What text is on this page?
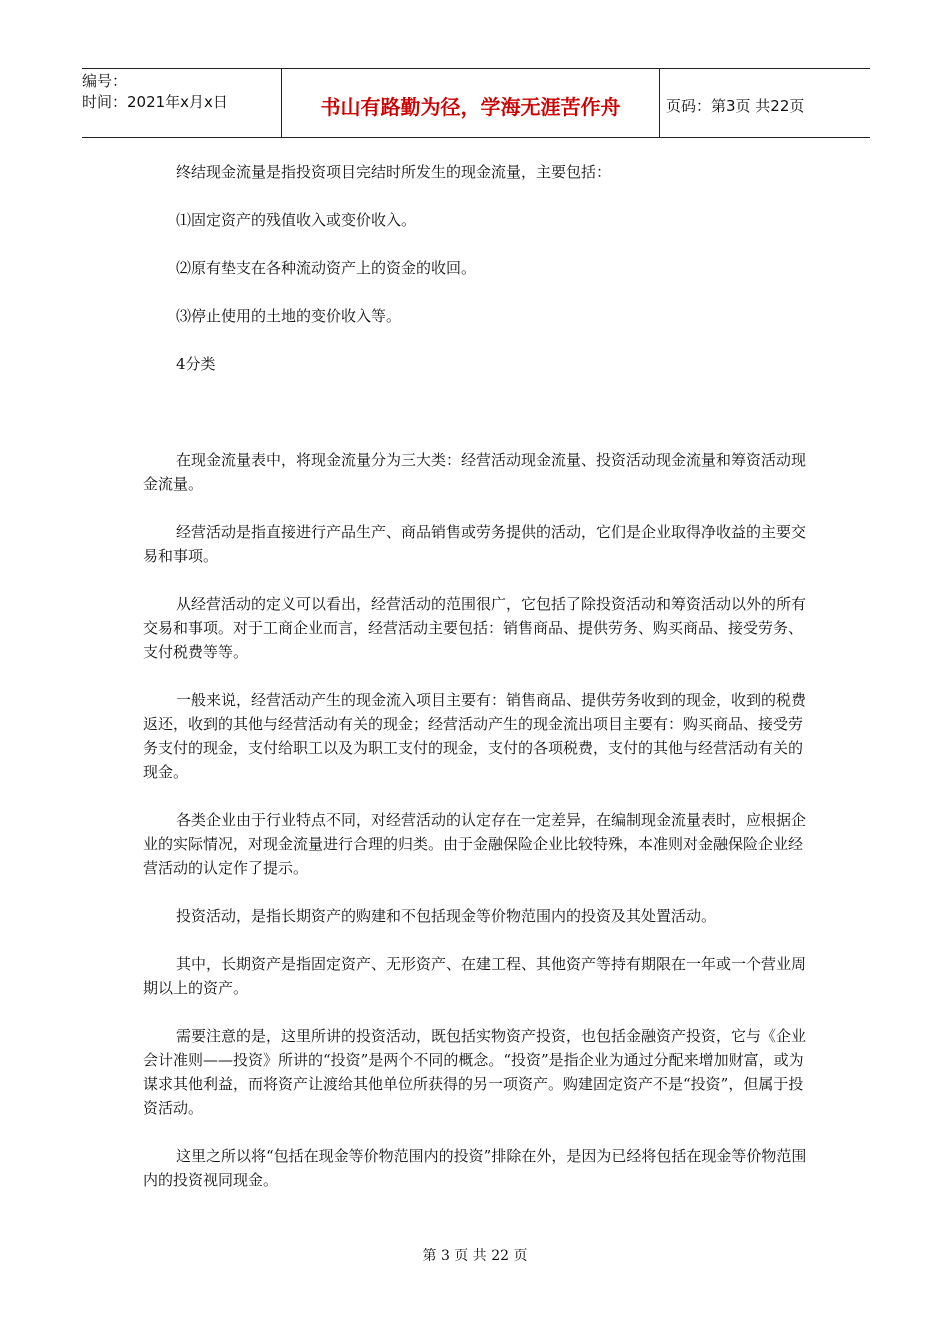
编号：
时间：2021年x月x日	书山有路勤为径，学海无涯苦作舟	页码：第3页 共22页

终结现金流量是指投资项目完结时所发生的现金流量，主要包括：

⑴固定资产的残值收入或变价收入。

⑵原有垫支在各种流动资产上的资金的收回。

⑶停止使用的土地的变价收入等。

4分类

在现金流量表中，将现金流量分为三大类：经营活动现金流量、投资活动现金流量和筹资活动现金流量。

经营活动是指直接进行产品生产、商品销售或劳务提供的活动，它们是企业取得净收益的主要交易和事项。

从经营活动的定义可以看出，经营活动的范围很广，它包括了除投资活动和筹资活动以外的所有交易和事项。对于工商企业而言，经营活动主要包括：销售商品、提供劳务、购买商品、接受劳务、支付税费等等。

一般来说，经营活动产生的现金流入项目主要有：销售商品、提供劳务收到的现金，收到的税费返还，收到的其他与经营活动有关的现金；经营活动产生的现金流出项目主要有：购买商品、接受劳务支付的现金，支付给职工以及为职工支付的现金，支付的各项税费，支付的其他与经营活动有关的现金。

各类企业由于行业特点不同，对经营活动的认定存在一定差异，在编制现金流量表时，应根据企业的实际情况，对现金流量进行合理的归类。由于金融保险企业比较特殊，本准则对金融保险企业经营活动的认定作了提示。

投资活动，是指长期资产的购建和不包括现金等价物范围内的投资及其处置活动。

其中，长期资产是指固定资产、无形资产、在建工程、其他资产等持有期限在一年或一个营业周期以上的资产。

需要注意的是，这里所讲的投资活动，既包括实物资产投资，也包括金融资产投资，它与《企业会计准则——投资》所讲的“投资”是两个不同的概念。“投资”是指企业为通过分配来增加财富，或为谋求其他利益，而将资产让渡给其他单位所获得的另一项资产。购建固定资产不是“投资”，但属于投资活动。

这里之所以将“包括在现金等价物范围内的投资”排除在外，是因为已经将包括在现金等价物范围内的投资视同现金。

第 3 页 共 22 页
